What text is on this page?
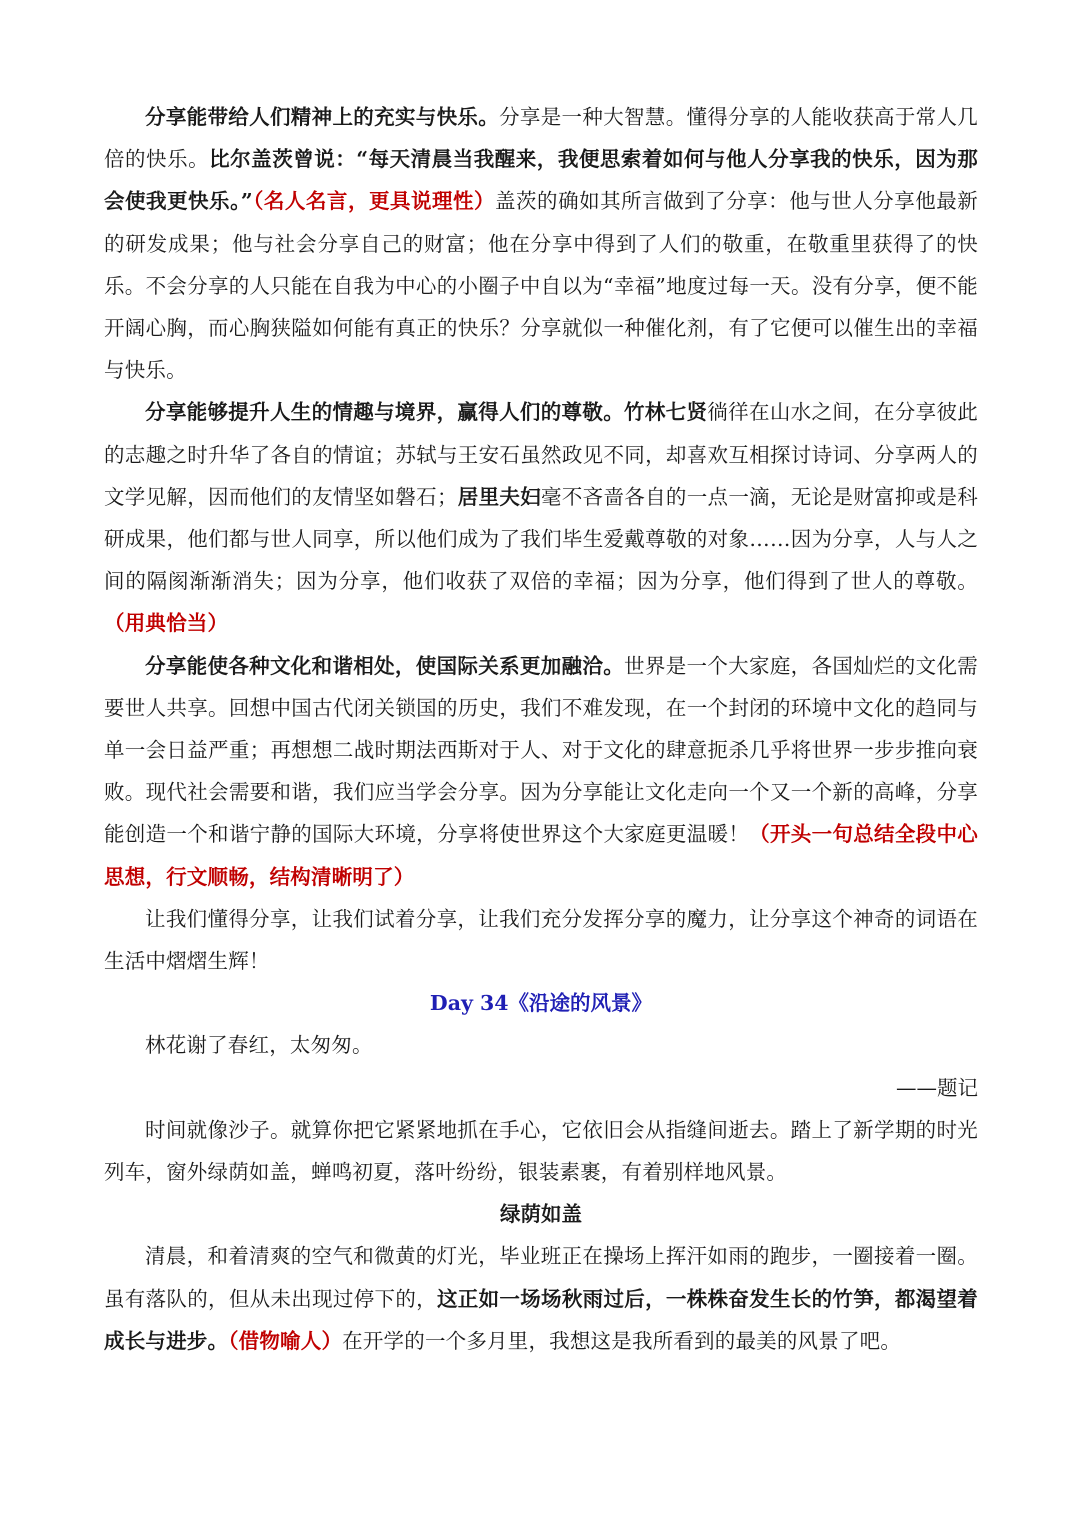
分享能带给人们精神上的充实与快乐。分享是一种大智慧。懂得分享的人能收获高于常人几倍的快乐。比尔盖茨曾说：“每天清晨当我醒来，我便思索着如何与他人分享我的快乐，因为那会使我更快乐。”（名人名言，更具说理性）盖茨的确如其所言做到了分享：他与世人分享他最新的研发成果；他与社会分享自己的财富；他在分享中得到了人们的敬重，在敬重里获得了的快乐。不会分享的人只能在自我为中心的小圈子中自以为“幸福”地度过每一天。没有分享，便不能开阔心胸，而心胸狭隘如何能有真正的快乐？分享就似一种催化剂，有了它便可以催生出的幸福与快乐。

分享能够提升人生的情趣与境界，赢得人们的尊敬。竹林七贤徜徉在山水之间，在分享彼此的志趣之时升华了各自的情谊；苏轼与王安石虽然政见不同，却喜欢互相探讨诗词、分享两人的文学见解，因而他们的友情坚如磐石；居里夫妇毫不吝啬各自的一点一滴，无论是财富抑或是科研成果，他们都与世人同享，所以他们成为了我们毕生爱戴尊敬的对象……因为分享，人与人之间的隔阂渐渐消失；因为分享，他们收获了双倍的幸福；因为分享，他们得到了世人的尊敬。（用典恰当）

分享能使各种文化和谐相处，使国际关系更加融洽。世界是一个大家庭，各国灿烂的文化需要世人共享。回想中国古代闭关锁国的历史，我们不难发现，在一个封闭的环境中文化的趋同与单一会日益严重；再想想二战时期法西斯对于人、对于文化的肆意扼杀几乎将世界一步步推向衰败。现代社会需要和谐，我们应当学会分享。因为分享能让文化走向一个又一个新的高峰，分享能创造一个和谐宁静的国际大环境，分享将使世界这个大家庭更温暖！（开头一句总结全段中心思想，行文顺畅，结构清晰明了）

让我们懂得分享，让我们试着分享，让我们充分发挥分享的魔力，让分享这个神奇的词语在生活中熠熠生辉！

Day 34《沿途的风景》

林花谢了春红，太匆匆。

——题记

时间就像沙子。就算你把它紧紧地抓在手心，它依旧会从指缝间逝去。踏上了新学期的时光列车，窗外绿荫如盖，蝉鸣初夏，落叶纷纷，银装素裹，有着别样地风景。

绿荫如盖

清晨，和着清爽的空气和微黄的灯光，毕业班正在操场上挥汗如雨的跑步，一圈接着一圈。虽有落队的，但从未出现过停下的，这正如一场场秋雨过后，一株株奋发生长的竹笋，都渴望着成长与进步。（借物喻人）在开学的一个多月里，我想这是我所看到的最美的风景了吧。
